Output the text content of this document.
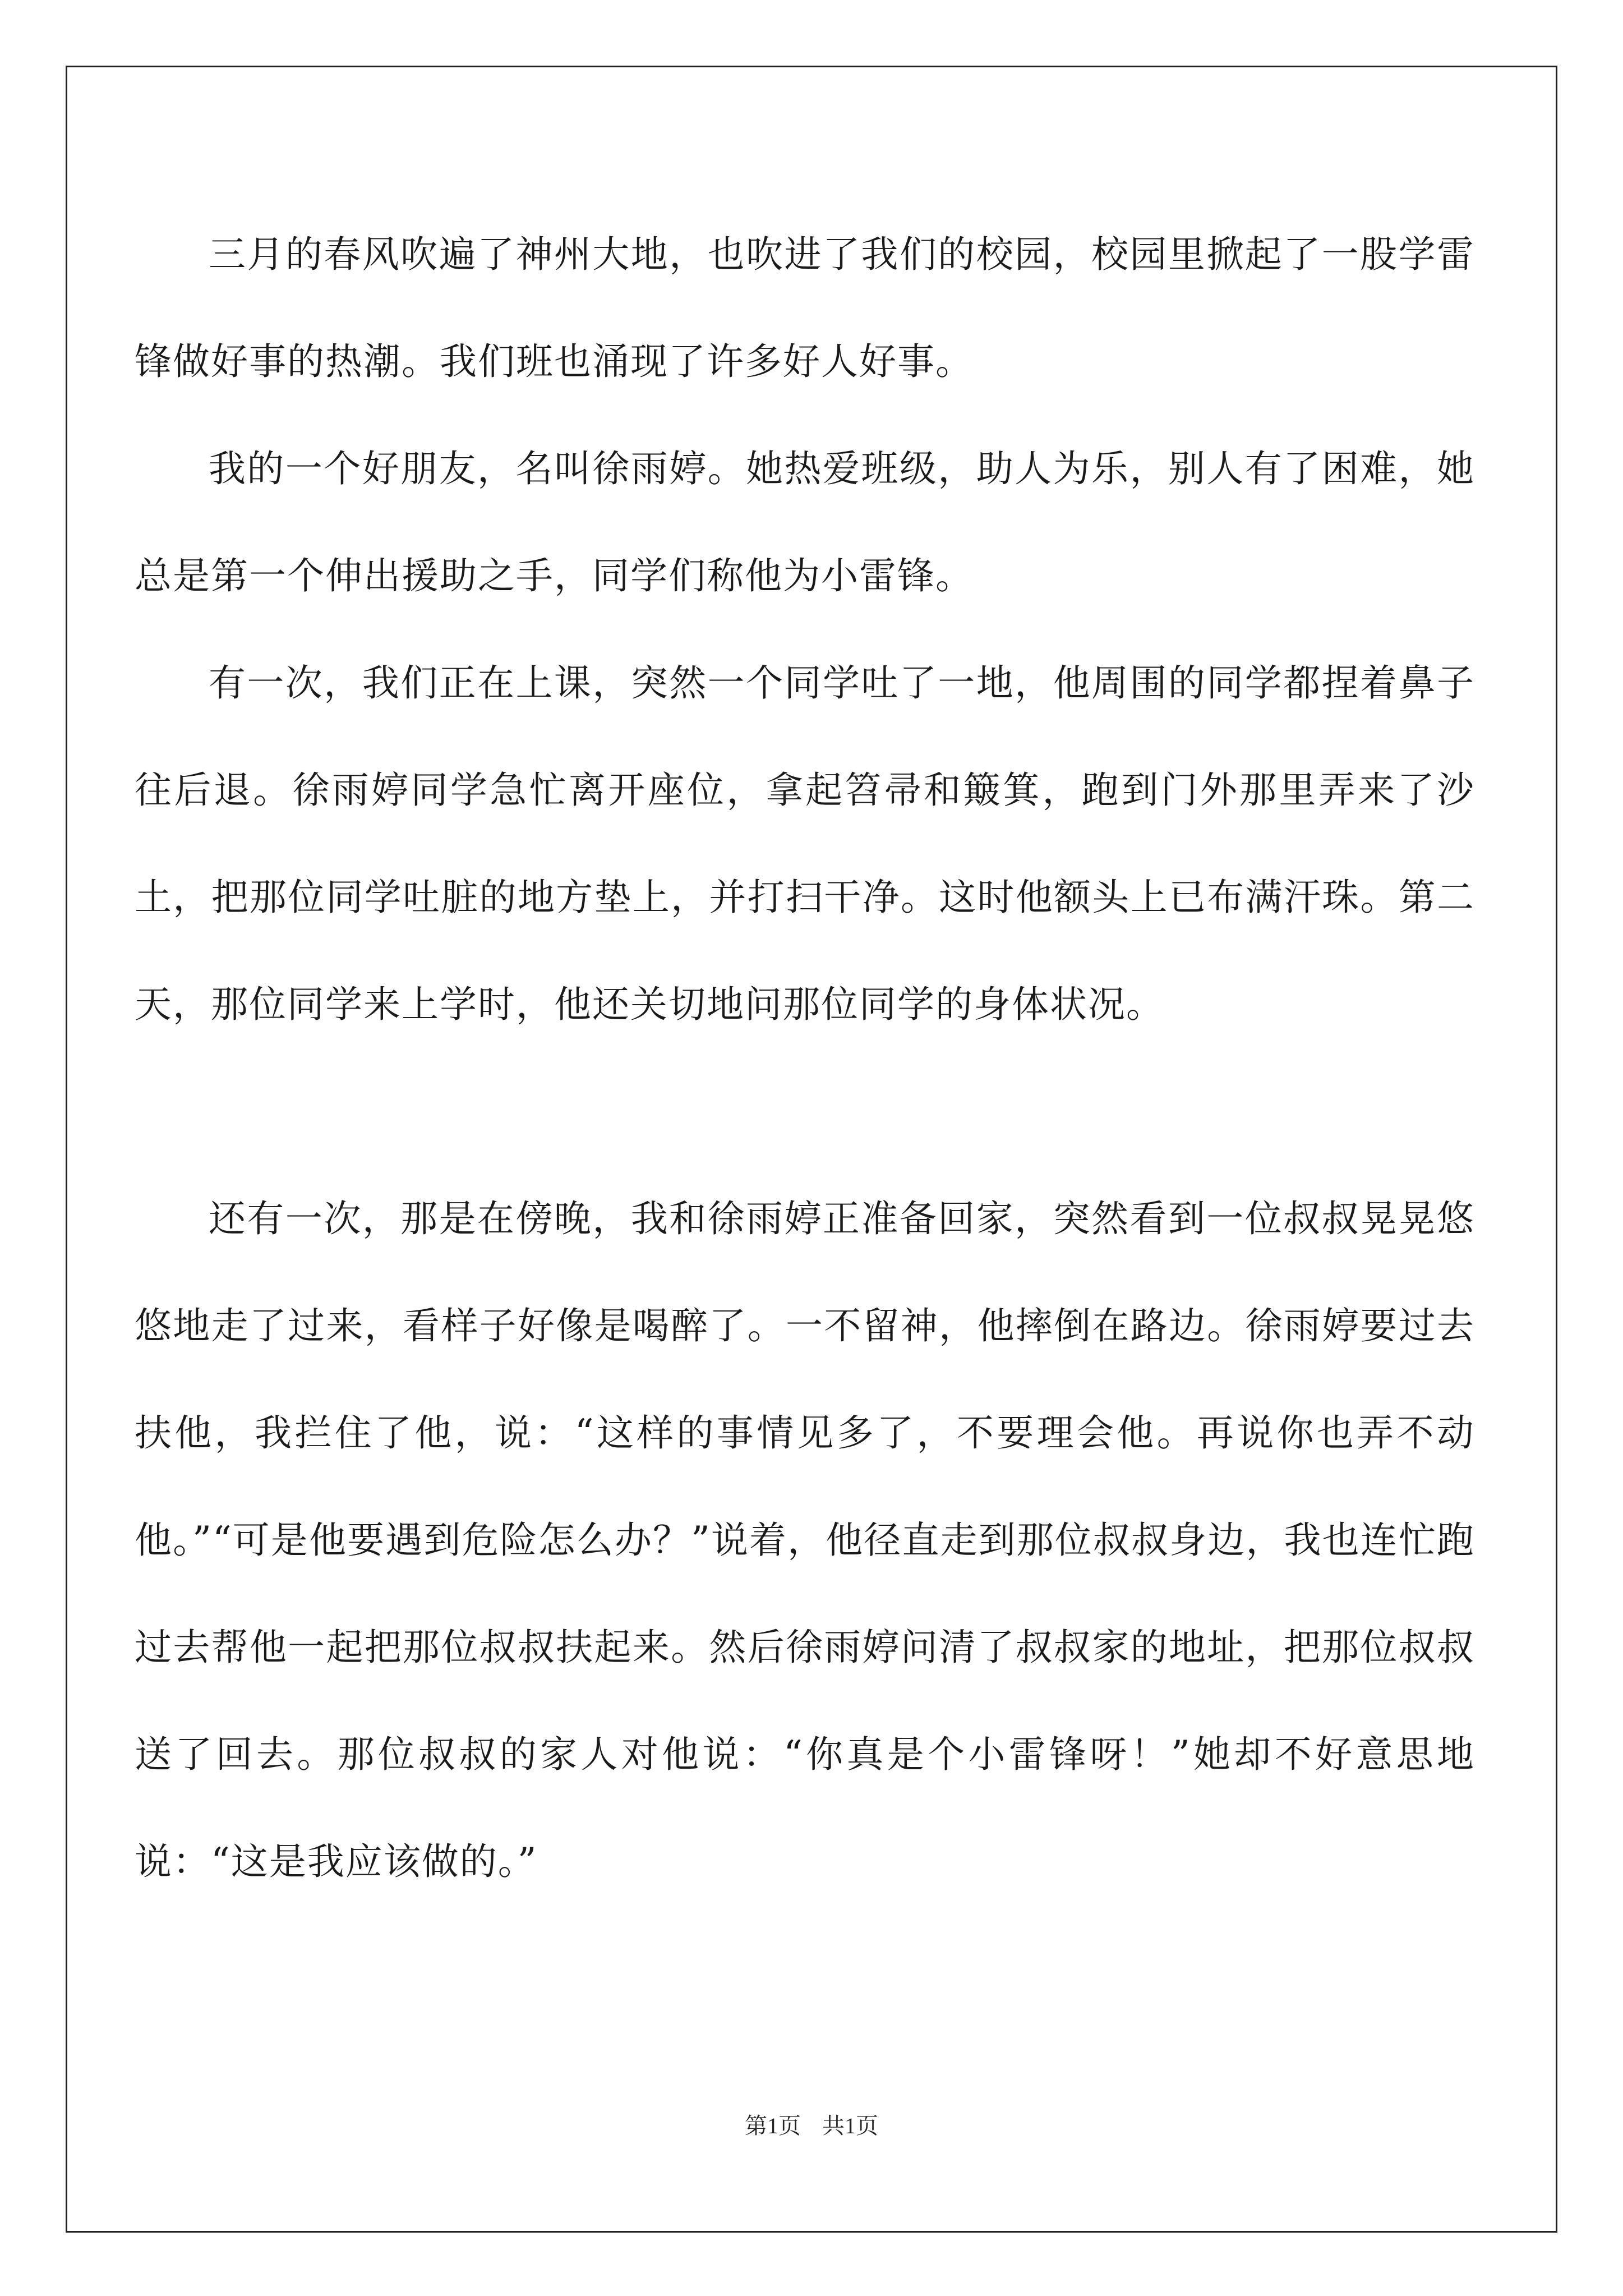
三月的春风吹遍了神州大地，也吹进了我们的校园，校园里掀起了一股学雷锋做好事的热潮。我们班也涌现了许多好人好事。

我的一个好朋友，名叫徐雨婷。她热爱班级，助人为乐，别人有了困难，她总是第一个伸出援助之手，同学们称他为小雷锋。

有一次，我们正在上课，突然一个同学吐了一地，他周围的同学都捏着鼻子往后退。徐雨婷同学急忙离开座位，拿起笤帚和簸箕，跑到门外那里弄来了沙土，把那位同学吐脏的地方垫上，并打扫干净。这时他额头上已布满汗珠。第二天，那位同学来上学时，他还关切地问那位同学的身体状况。

还有一次，那是在傍晚，我和徐雨婷正准备回家，突然看到一位叔叔晃晃悠悠地走了过来，看样子好像是喝醉了。一不留神，他摔倒在路边。徐雨婷要过去扶他，我拦住了他，说：“这样的事情见多了，不要理会他。再说你也弄不动他。”“可是他要遇到危险怎么办？”说着，他径直走到那位叔叔身边，我也连忙跑过去帮他一起把那位叔叔扶起来。然后徐雨婷问清了叔叔家的地址，把那位叔叔送了回去。那位叔叔的家人对他说：“你真是个小雷锋呀！”她却不好意思地说：“这是我应该做的。”

第1页 共1页
